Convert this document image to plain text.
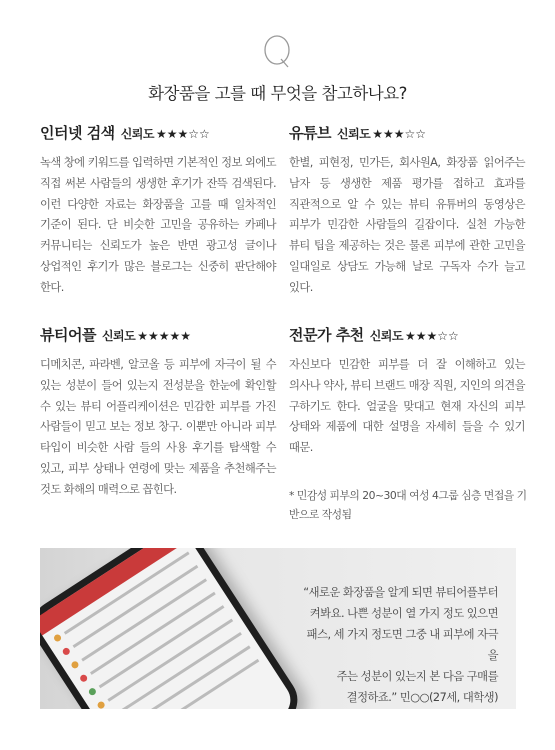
화장품을 고를 때 무엇을 참고하나요?
인터넷 검색 신뢰도 ★★★☆☆

녹색 창에 키워드를 입력하면 기본적인 정보 외에도 직접 써본 사람들의 생생한 후기가 잔뜩 검색된다. 이런 다양한 자료는 화장품을 고를 때 일차적인 기준이 된다. 단 비슷한 고민을 공유하는 카페나 커뮤니티는 신뢰도가 높은 반면 광고성 글이나 상업적인 후기가 많은 블로그는 신중히 판단해야 한다.

유튜브 신뢰도 ★★★☆☆

한별, 피현정, 민가든, 회사원A, 화장품 읽어주는 남자 등 생생한 제품 평가를 접하고 효과를 직관적으로 알 수 있는 뷰티 유튜버의 동영상은 피부가 민감한 사람들의 길잡이다. 실천 가능한 뷰티 팁을 제공하는 것은 물론 피부에 관한 고민을 일대일로 상담도 가능해 날로 구독자 수가 늘고 있다.

뷰티어플 신뢰도 ★★★★★

디메치콘, 파라벤, 알코올 등 피부에 자극이 될 수 있는 성분이 들어 있는지 전성분을 한눈에 확인할 수 있는 뷰티 어플리케이션은 민감한 피부를 가진 사람들이 믿고 보는 정보 창구. 이뿐만 아니라 피부 타입이 비슷한 사람 들의 사용 후기를 탐색할 수 있고, 피부 상태나 연령에 맞는 제품을 추천해주는 것도 화해의 매력으로 꼽힌다.

전문가 추천 신뢰도 ★★★☆☆

자신보다 민감한 피부를 더 잘 이해하고 있는 의사나 약사, 뷰티 브랜드 매장 직원, 지인의 의견을 구하기도 한다. 얼굴을 맞대고 현재 자신의 피부 상태와 제품에 대한 설명을 자세히 들을 수 있기 때문.

* 민감성 피부의 20~30대 여성 4그룹 심층 면접을 기반으로 작성됨
“새로운 화장품을 알게 되면 뷰티어플부터
켜봐요. 나쁜 성분이 열 가지 정도 있으면
패스, 세 가지 정도면 그중 내 피부에 자극을
주는 성분이 있는지 본 다음 구매를
결정하죠.” 민○○(27세, 대학생)
